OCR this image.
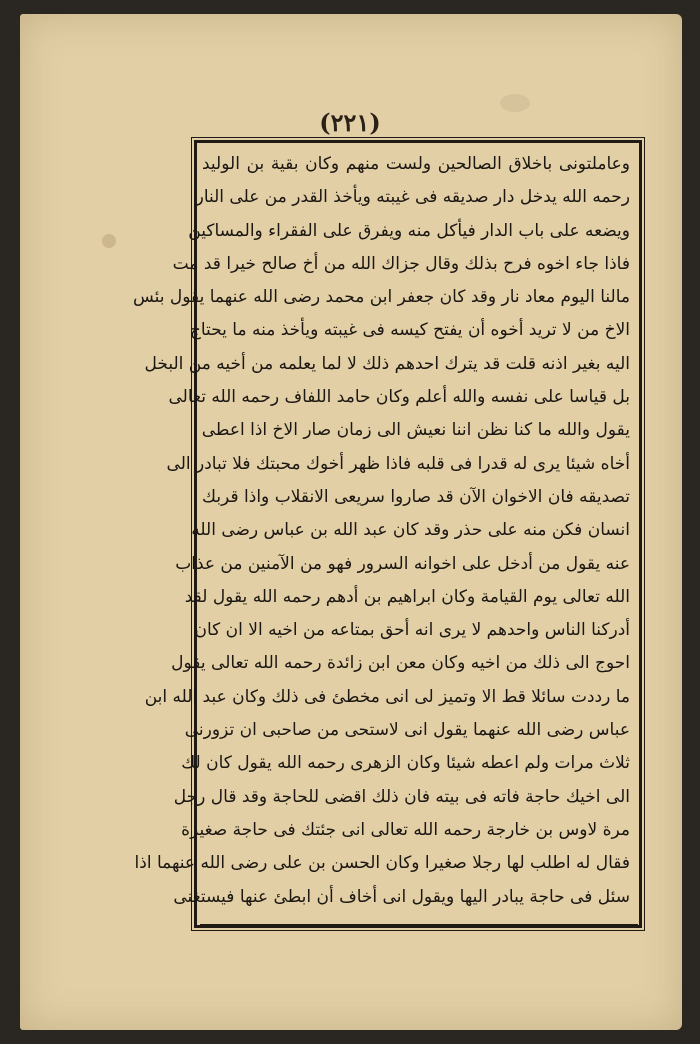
(٢٢١)
وعاملتونى باخلاق الصالحين ولست منهم وكان بقية بن الوليد
رحمه الله يدخل دار صديقه فى غيبته ويأخذ القدر من على النار
ويضعه على باب الدار فيأكل منه ويفرق على الفقراء والمساكين
فاذا جاء اخوه فرح بذلك وقال جزاك الله من أخ صالح خيرا قد مت
مالنا اليوم معاد نار وقد كان جعفر ابن محمد رضى الله عنهما يقول بئس
الاخ من لا تريد أخوه أن يفتح كيسه فى غيبته ويأخذ منه ما يحتاج
اليه بغير اذنه قلت قد يترك احدهم ذلك لا لما يعلمه من أخيه من البخل
بل قياسا على نفسه والله أعلم وكان حامد اللفاف رحمه الله تعالى
يقول والله ما كنا نظن اننا نعيش الى زمان صار الاخ اذا اعطى
أخاه شيئا يرى له قدرا فى قلبه فاذا ظهر أخوك محبتك فلا تبادر الى
تصديقه فان الاخوان الآن قد صاروا سريعى الانقلاب واذا قربك
انسان فكن منه على حذر وقد كان عبد الله بن عباس رضى الله
عنه يقول من أدخل على اخوانه السرور فهو من الآمنين من عذاب
الله تعالى يوم القيامة وكان ابراهيم بن أدهم رحمه الله يقول لقد
أدركنا الناس واحدهم لا يرى انه أحق بمتاعه من اخيه الا ان كان
احوج الى ذلك من اخيه وكان معن ابن زائدة رحمه الله تعالى يقول
ما رددت سائلا قط الا وتميز لى انى مخطئ فى ذلك وكان عبد الله ابن
عباس رضى الله عنهما يقول انى لاستحى من صاحبى ان تزورنى
ثلاث مرات ولم اعطه شيئا وكان الزهرى رحمه الله يقول كان لك
الى اخيك حاجة فاته فى بيته فان ذلك اقضى للحاجة وقد قال رجل
مرة لاوس بن خارجة رحمه الله تعالى انى جئتك فى حاجة صغيرة
فقال له اطلب لها رجلا صغيرا وكان الحسن بن على رضى الله عنهما اذا
سئل فى حاجة يبادر اليها ويقول انى أخاف أن ابطئ عنها فيستغنى
